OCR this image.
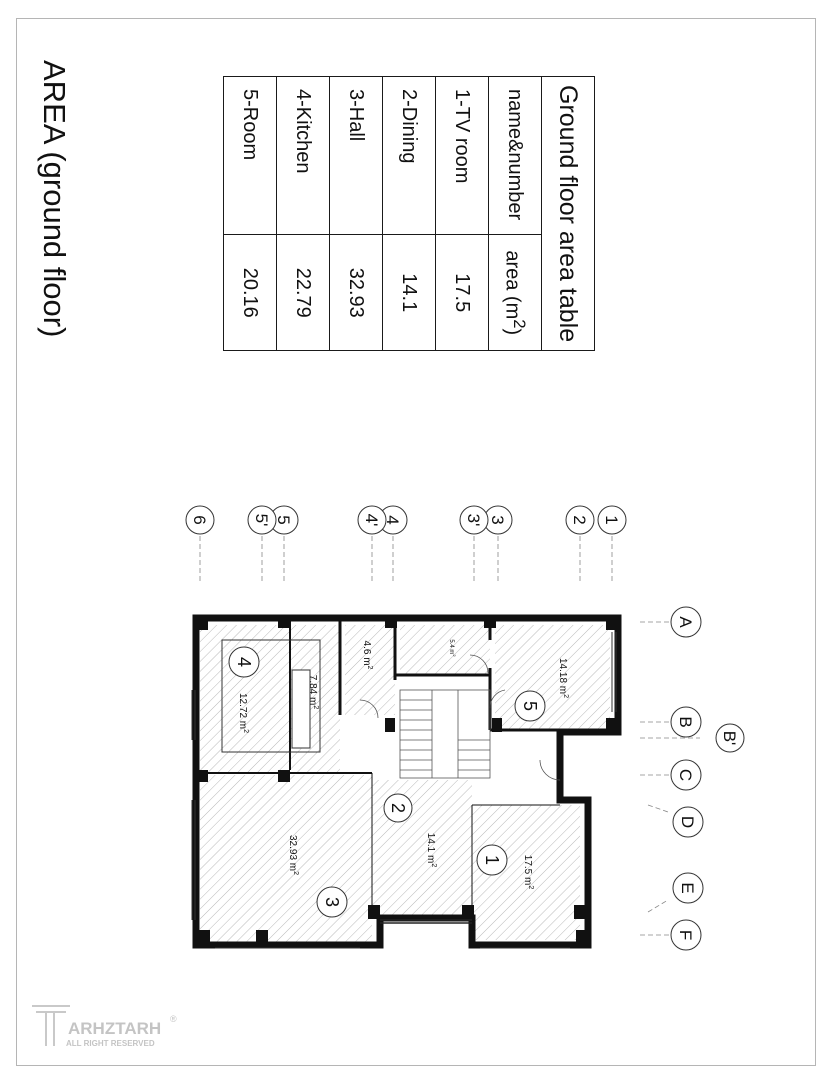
AREA (ground floor)	Ground floor area table	
name&number	area $(m^2)$
1-TV room	17.5
2-Dining	14.1
3-Hall	32.93
4-Kitchen	22.79
5-Room	20.16
1
2
3
3'
4
4'
5
5'
6
A
B
B'
C
D
E
F
1
2
3
4
5
17.5 $m^2$
14.1 $m^2$
32.93 $m^2$
12.72 $m^2$
14.18 $m^2$
7.84 $m^2$
4.6 $m^2$
5.4 $m^2$
ARHZTARH ®
ALL RIGHT RESERVED
